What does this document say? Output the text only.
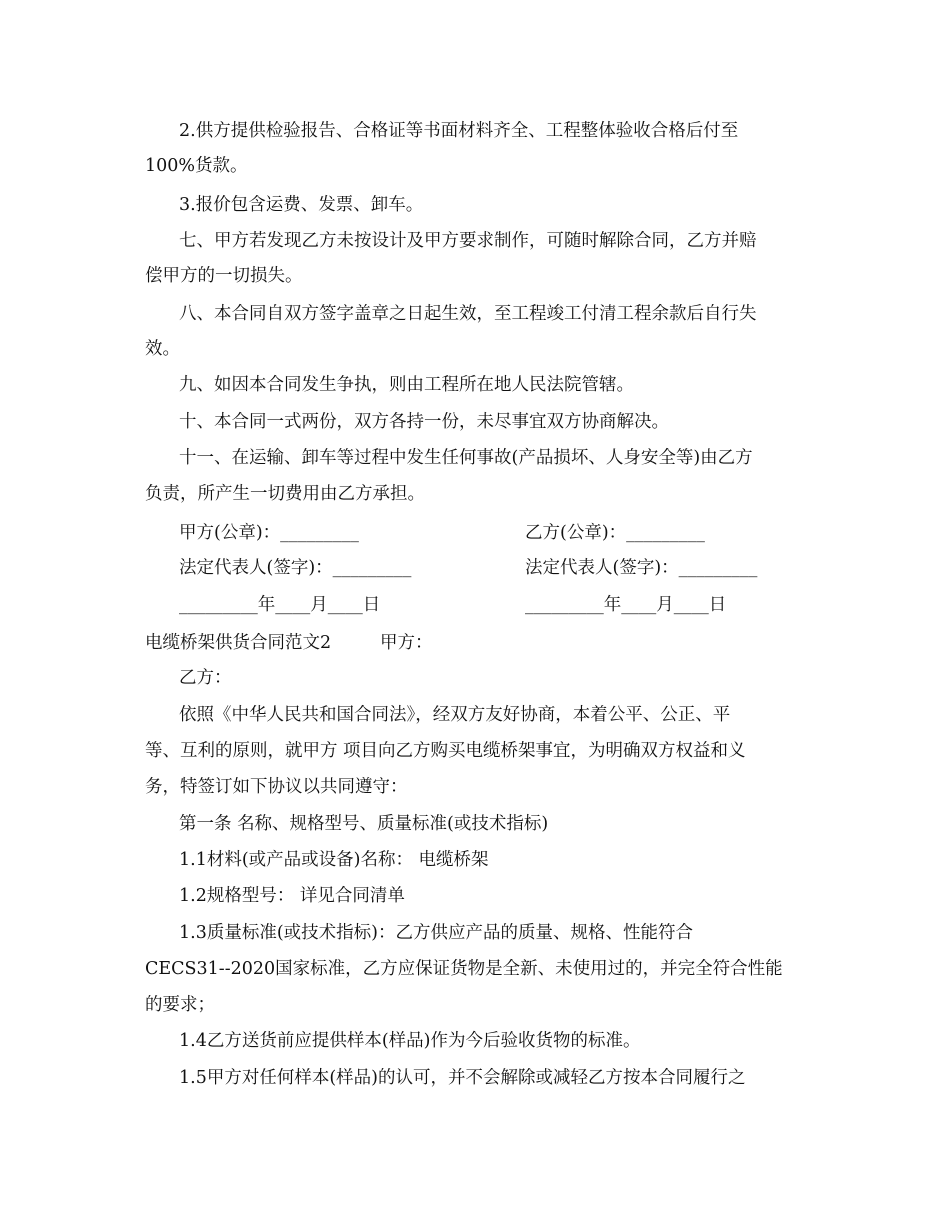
2.供方提供检验报告、合格证等书面材料齐全、工程整体验收合格后付至
100%货款。
3.报价包含运费、发票、卸车。
七、甲方若发现乙方未按设计及甲方要求制作，可随时解除合同，乙方并赔
偿甲方的一切损失。
八、本合同自双方签字盖章之日起生效，至工程竣工付清工程余款后自行失
效。
九、如因本合同发生争执，则由工程所在地人民法院管辖。
十、本合同一式两份，双方各持一份，未尽事宜双方协商解决。
十一、在运输、卸车等过程中发生任何事故(产品损坏、人身安全等)由乙方
负责，所产生一切费用由乙方承担。
甲方(公章)：_________	乙方(公章)：_________
法定代表人(签字)：_________	法定代表人(签字)：_________
_________年____月____日	_________年____月____日
电缆桥架供货合同范文2	甲方：
乙方：
依照《中华人民共和国合同法》，经双方友好协商，本着公平、公正、平
等、互利的原则，就甲方 项目向乙方购买电缆桥架事宜，为明确双方权益和义
务，特签订如下协议以共同遵守：
第一条 名称、规格型号、质量标准(或技术指标)
1.1材料(或产品或设备)名称： 电缆桥架
1.2规格型号： 详见合同清单
1.3质量标准(或技术指标)：乙方供应产品的质量、规格、性能符合
CECS31--2020国家标准，乙方应保证货物是全新、未使用过的，并完全符合性能
的要求；
1.4乙方送货前应提供样本(样品)作为今后验收货物的标准。
1.5甲方对任何样本(样品)的认可，并不会解除或减轻乙方按本合同履行之
